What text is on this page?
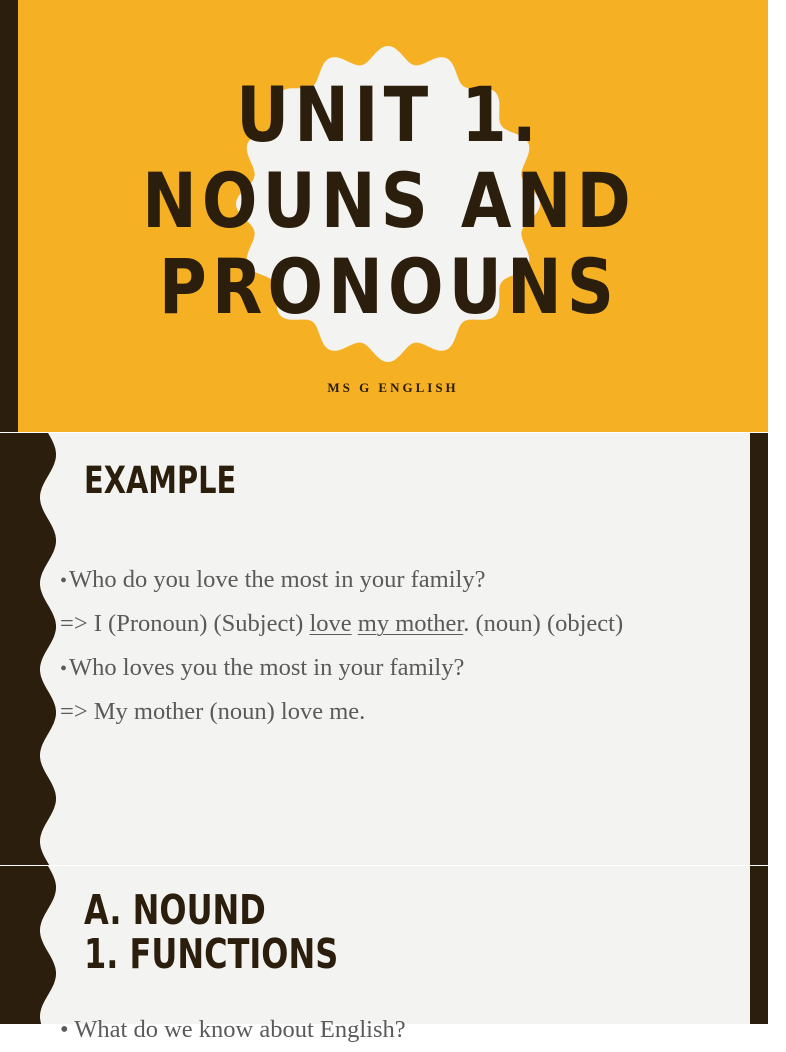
UNIT 1.
NOUNS AND
PRONOUNS

MS G ENGLISH

EXAMPLE
•Who do you love the most in your family?
=> I (Pronoun) (Subject) love my mother. (noun) (object)
•Who loves you the most in your family?
=> My mother (noun) love me.
A. NOUND
1. FUNCTIONS
• What do we know about English?
